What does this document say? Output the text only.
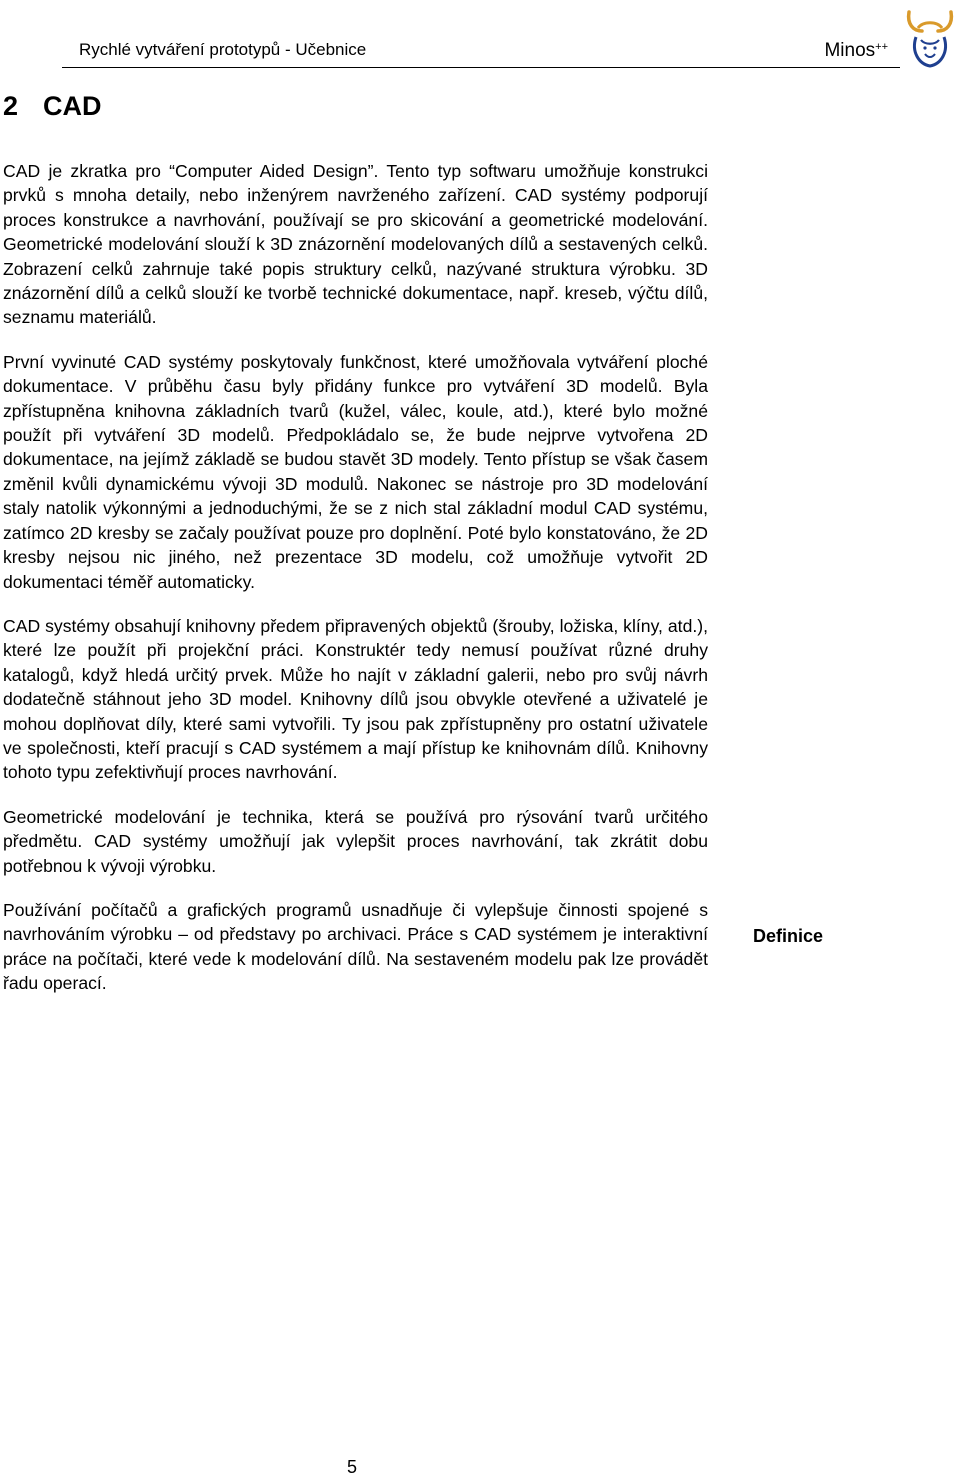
Rychlé vytváření prototypů - Učebnice	Minos++
2 CAD

CAD je zkratka pro “Computer Aided Design”. Tento typ softwaru umožňuje konstrukci prvků s mnoha detaily, nebo inženýrem navrženého zařízení. CAD systémy podporují proces konstrukce a navrhování, používají se pro skicování a geometrické modelování. Geometrické modelování slouží k 3D znázornění modelovaných dílů a sestavených celků. Zobrazení celků zahrnuje také popis struktury celků, nazývané struktura výrobku. 3D znázornění dílů a celků slouží ke tvorbě technické dokumentace, např. kreseb, výčtu dílů, seznamu materiálů.

První vyvinuté CAD systémy poskytovaly funkčnost, které umožňovala vytváření ploché dokumentace. V průběhu času byly přidány funkce pro vytváření 3D modelů. Byla zpřístupněna knihovna základních tvarů (kužel, válec, koule, atd.), které bylo možné použít při vytváření 3D modelů. Předpokládalo se, že bude nejprve vytvořena 2D dokumentace, na jejímž základě se budou stavět 3D modely. Tento přístup se však časem změnil kvůli dynamickému vývoji 3D modulů. Nakonec se nástroje pro 3D modelování staly natolik výkonnými a jednoduchými, že se z nich stal základní modul CAD systému, zatímco 2D kresby se začaly používat pouze pro doplnění. Poté bylo konstatováno, že 2D kresby nejsou nic jiného, než prezentace 3D modelu, což umožňuje vytvořit 2D dokumentaci téměř automaticky.

CAD systémy obsahují knihovny předem připravených objektů (šrouby, ložiska, klíny, atd.), které lze použít při projekční práci. Konstruktér tedy nemusí používat různé druhy katalogů, když hledá určitý prvek. Může ho najít v základní galerii, nebo pro svůj návrh dodatečně stáhnout jeho 3D model. Knihovny dílů jsou obvykle otevřené a uživatelé je mohou doplňovat díly, které sami vytvořili. Ty jsou pak zpřístupněny pro ostatní uživatele ve společnosti, kteří pracují s CAD systémem a mají přístup ke knihovnám dílů. Knihovny tohoto typu zefektivňují proces navrhování.

Geometrické modelování je technika, která se používá pro rýsování tvarů určitého předmětu. CAD systémy umožňují jak vylepšit proces navrhování, tak zkrátit dobu potřebnou k vývoji výrobku.

Používání počítačů a grafických programů usnadňuje či vylepšuje činnosti spojené s navrhováním výrobku – od představy po archivaci. Práce s CAD systémem je interaktivní práce na počítači, které vede k modelování dílů. Na sestaveném modelu pak lze provádět řadu operací.

Definice
5
